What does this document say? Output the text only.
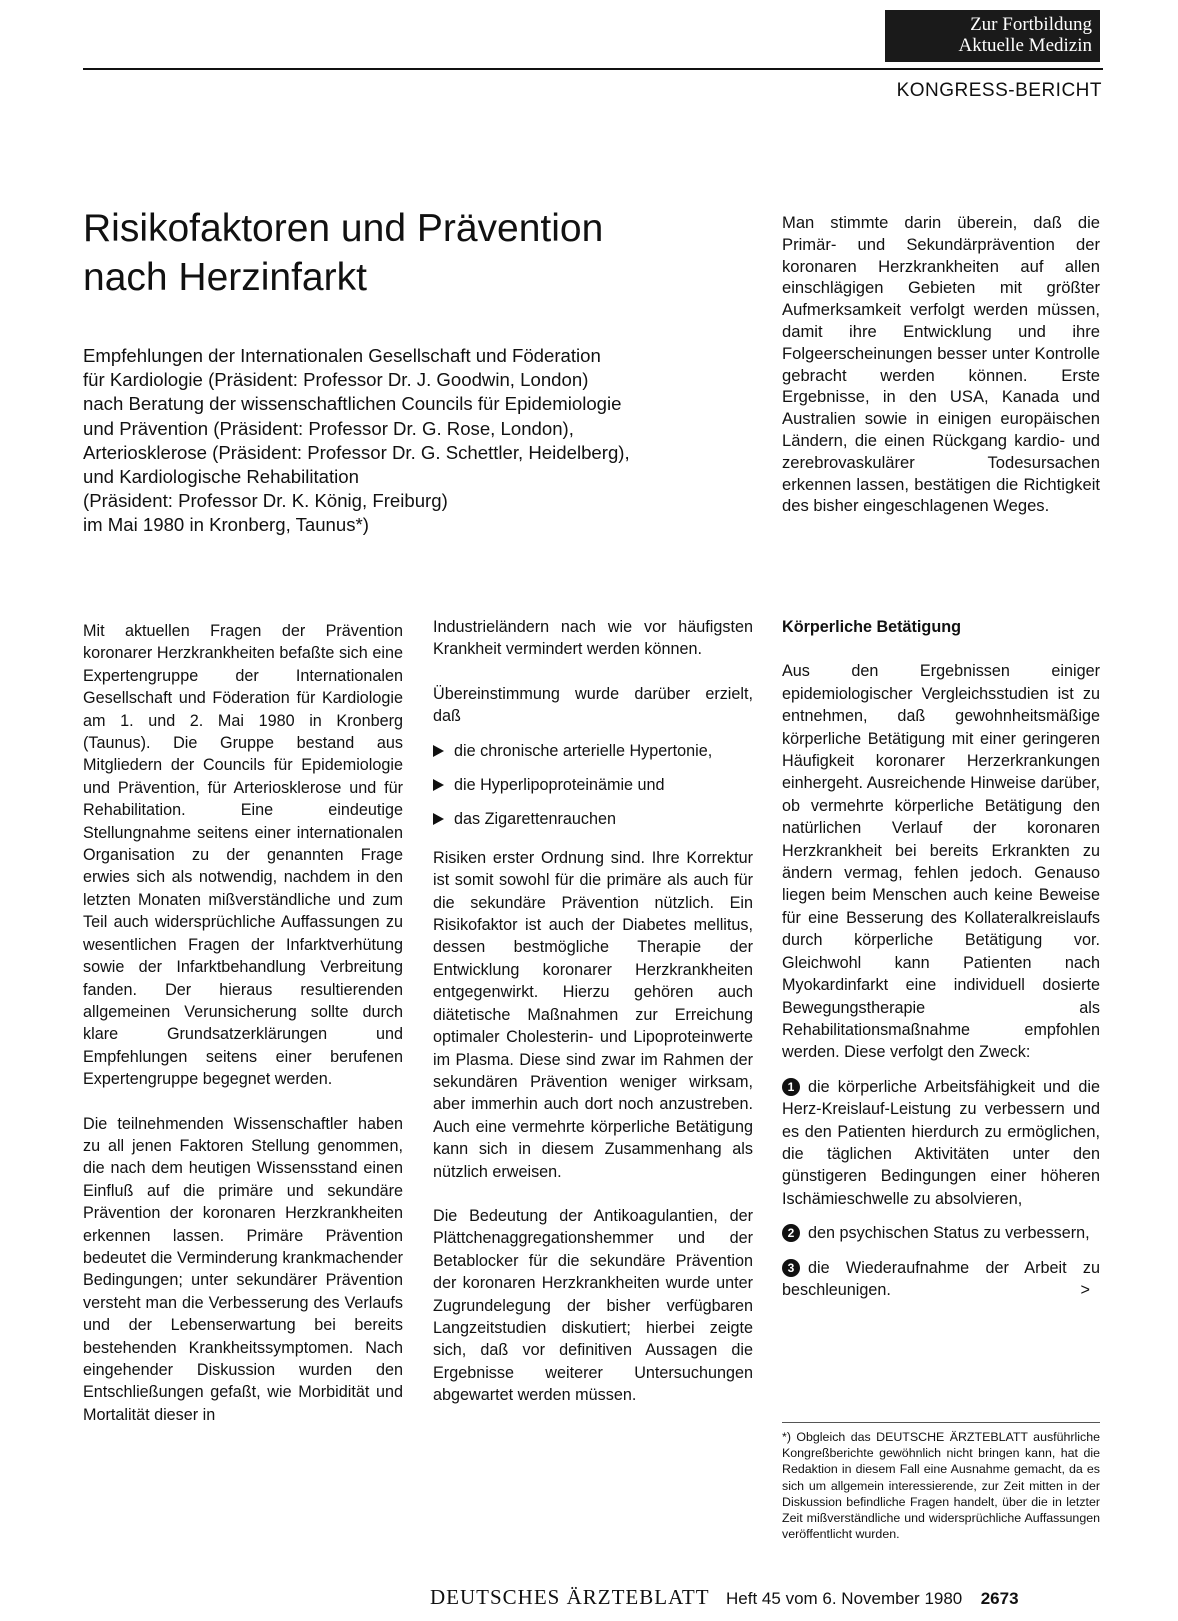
Zur Fortbildung
Aktuelle Medizin
KONGRESS-BERICHT
Risikofaktoren und Prävention
nach Herzinfarkt
Empfehlungen der Internationalen Gesellschaft und Föderation
für Kardiologie (Präsident: Professor Dr. J. Goodwin, London)
nach Beratung der wissenschaftlichen Councils für Epidemiologie
und Prävention (Präsident: Professor Dr. G. Rose, London),
Arteriosklerose (Präsident: Professor Dr. G. Schettler, Heidelberg),
und Kardiologische Rehabilitation
(Präsident: Professor Dr. K. König, Freiburg)
im Mai 1980 in Kronberg, Taunus*)

Man stimmte darin überein, daß die Primär- und Sekundärprävention der koronaren Herzkrankheiten auf allen einschlägigen Gebieten mit größter Aufmerksamkeit verfolgt werden müssen, damit ihre Entwicklung und ihre Folgeerscheinungen besser unter Kontrolle gebracht werden können. Erste Ergebnisse, in den USA, Kanada und Australien sowie in einigen europäischen Ländern, die einen Rückgang kardio- und zerebrovaskulärer Todesursachen erkennen lassen, bestätigen die Richtigkeit des bisher eingeschlagenen Weges.

Mit aktuellen Fragen der Prävention koronarer Herzkrankheiten befaßte sich eine Expertengruppe der Internationalen Gesellschaft und Föderation für Kardiologie am 1. und 2. Mai 1980 in Kronberg (Taunus). Die Gruppe bestand aus Mitgliedern der Councils für Epidemiologie und Prävention, für Arteriosklerose und für Rehabilitation. Eine eindeutige Stellungnahme seitens einer internationalen Organisation zu der genannten Frage erwies sich als notwendig, nachdem in den letzten Monaten mißverständliche und zum Teil auch widersprüchliche Auffassungen zu wesentlichen Fragen der Infarktverhütung sowie der Infarktbehandlung Verbreitung fanden. Der hieraus resultierenden allgemeinen Verunsicherung sollte durch klare Grundsatzerklärungen und Empfehlungen seitens einer berufenen Expertengruppe begegnet werden.

Die teilnehmenden Wissenschaftler haben zu all jenen Faktoren Stellung genommen, die nach dem heutigen Wissensstand einen Einfluß auf die primäre und sekundäre Prävention der koronaren Herzkrankheiten erkennen lassen. Primäre Prävention bedeutet die Verminderung krankmachender Bedingungen; unter sekundärer Prävention versteht man die Verbesserung des Verlaufs und der Lebenserwartung bei bereits bestehenden Krankheitssymptomen. Nach eingehender Diskussion wurden den Entschließungen gefaßt, wie Morbidität und Mortalität dieser in

Industrieländern nach wie vor häufigsten Krankheit vermindert werden können.

Übereinstimmung wurde darüber erzielt, daß

die chronische arterielle Hypertonie,
die Hyperlipoproteinämie und
das Zigarettenrauchen

Risiken erster Ordnung sind. Ihre Korrektur ist somit sowohl für die primäre als auch für die sekundäre Prävention nützlich. Ein Risikofaktor ist auch der Diabetes mellitus, dessen bestmögliche Therapie der Entwicklung koronarer Herzkrankheiten entgegenwirkt. Hierzu gehören auch diätetische Maßnahmen zur Erreichung optimaler Cholesterin- und Lipoproteinwerte im Plasma. Diese sind zwar im Rahmen der sekundären Prävention weniger wirksam, aber immerhin auch dort noch anzustreben. Auch eine vermehrte körperliche Betätigung kann sich in diesem Zusammenhang als nützlich erweisen.

Die Bedeutung der Antikoagulantien, der Plättchenaggregationshemmer und der Betablocker für die sekundäre Prävention der koronaren Herzkrankheiten wurde unter Zugrundelegung der bisher verfügbaren Langzeitstudien diskutiert; hierbei zeigte sich, daß vor definitiven Aussagen die Ergebnisse weiterer Untersuchungen abgewartet werden müssen.

Körperliche Betätigung

Aus den Ergebnissen einiger epidemiologischer Vergleichsstudien ist zu entnehmen, daß gewohnheitsmäßige körperliche Betätigung mit einer geringeren Häufigkeit koronarer Herzerkrankungen einhergeht. Ausreichende Hinweise darüber, ob vermehrte körperliche Betätigung den natürlichen Verlauf der koronaren Herzkrankheit bei bereits Erkrankten zu ändern vermag, fehlen jedoch. Genauso liegen beim Menschen auch keine Beweise für eine Besserung des Kollateralkreislaufs durch körperliche Betätigung vor. Gleichwohl kann Patienten nach Myokardinfarkt eine individuell dosierte Bewegungstherapie als Rehabilitationsmaßnahme empfohlen werden. Diese verfolgt den Zweck:

1 die körperliche Arbeitsfähigkeit und die Herz-Kreislauf-Leistung zu verbessern und es den Patienten hierdurch zu ermöglichen, die täglichen Aktivitäten unter den günstigeren Bedingungen einer höheren Ischämieschwelle zu absolvieren,

2 den psychischen Status zu verbessern,

3 die Wiederaufnahme der Arbeit zu beschleunigen.	>

*) Obgleich das DEUTSCHE ÄRZTEBLATT ausführliche Kongreßberichte gewöhnlich nicht bringen kann, hat die Redaktion in diesem Fall eine Ausnahme gemacht, da es sich um allgemein interessierende, zur Zeit mitten in der Diskussion befindliche Fragen handelt, über die in letzter Zeit mißverständliche und widersprüchliche Auffassungen veröffentlicht wurden.
DEUTSCHES ÄRZTEBLATT Heft 45 vom 6. November 1980 2673
